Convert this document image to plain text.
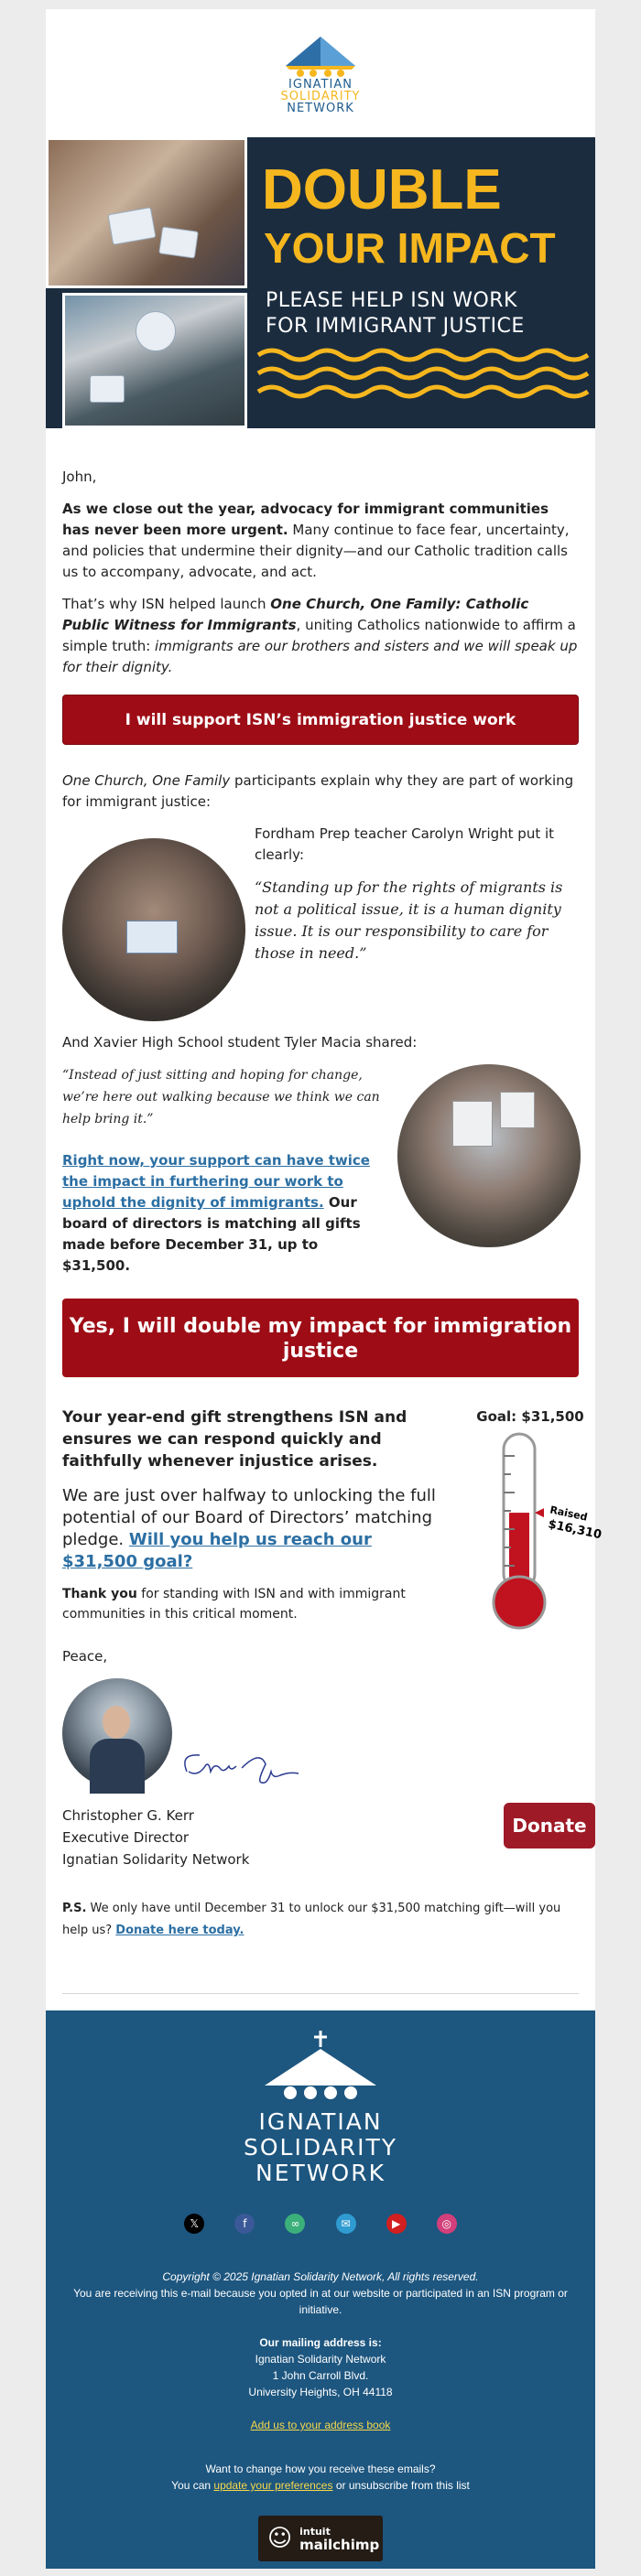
IGNATIAN
SOLIDARITY
NETWORK
DOUBLE
YOUR IMPACT
PLEASE HELP ISN WORK
FOR IMMIGRANT JUSTICE

John,

As we close out the year, advocacy for immigrant communities has never been more urgent. Many continue to face fear, uncertainty, and policies that undermine their dignity—and our Catholic tradition calls us to accompany, advocate, and act.

That’s why ISN helped launch One Church, One Family: Catholic Public Witness for Immigrants, uniting Catholics nationwide to affirm a simple truth: immigrants are our brothers and sisters and we will speak up for their dignity.

I will support ISN’s immigration justice work

One Church, One Family participants explain why they are part of working for immigrant justice:

Fordham Prep teacher Carolyn Wright put it clearly:

“Standing up for the rights of migrants is not a political issue, it is a human dignity issue. It is our responsibility to care for those in need.”

And Xavier High School student Tyler Macia shared:

“Instead of just sitting and hoping for change, we’re here out walking because we think we can help bring it.”

Right now, your support can have twice the impact in furthering our work to uphold the dignity of immigrants. Our board of directors is matching all gifts made before December 31, up to $31,500.

Yes, I will double my impact for immigration justice

Your year-end gift strengthens ISN and ensures we can respond quickly and faithfully whenever injustice arises.

We are just over halfway to unlocking the full potential of our Board of Directors’ matching pledge. Will you help us reach our $31,500 goal?

Thank you for standing with ISN and with immigrant communities in this critical moment.

Goal: $31,500
Raised
$16,310

Peace,

Christopher G. Kerr
Executive Director
Ignatian Solidarity Network
Donate

P.S. We only have until December 31 to unlock our $31,500 matching gift—will you help us? Donate here today.

IGNATIAN
SOLIDARITY
NETWORK
𝕏	f	∞	✉	▶	◎
Copyright © 2025 Ignatian Solidarity Network, All rights reserved.
You are receiving this e-mail because you opted in at our website or participated in an ISN program or initiative.
Our mailing address is:
Ignatian Solidarity Network
1 John Carroll Blvd.
University Heights, OH 44118
Add us to your address book
Want to change how you receive these emails?
You can update your preferences or unsubscribe from this list
☺ intuit
mailchimp
